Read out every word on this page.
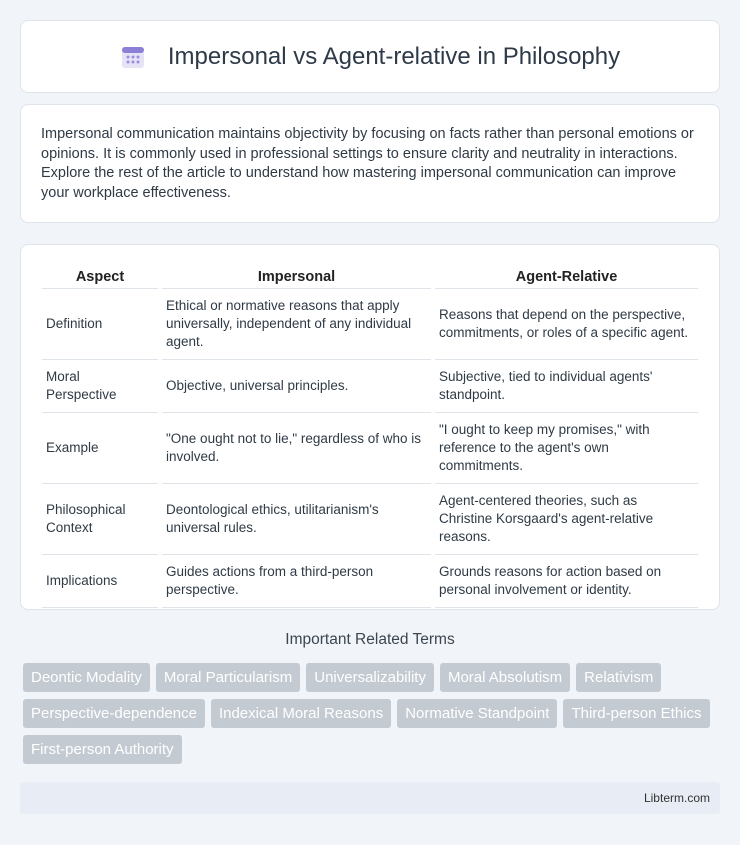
Impersonal vs Agent-relative in Philosophy

Impersonal communication maintains objectivity by focusing on facts rather than personal emotions or opinions. It is commonly used in professional settings to ensure clarity and neutrality in interactions. Explore the rest of the article to understand how mastering impersonal communication can improve your workplace effectiveness.

Aspect	Impersonal	Agent-Relative
Definition	Ethical or normative reasons that apply universally, independent of any individual agent.	Reasons that depend on the perspective, commitments, or roles of a specific agent.
Moral Perspective	Objective, universal principles.	Subjective, tied to individual agents' standpoint.
Example	"One ought not to lie," regardless of who is involved.	"I ought to keep my promises," with reference to the agent's own commitments.
Philosophical Context	Deontological ethics, utilitarianism's universal rules.	Agent-centered theories, such as Christine Korsgaard's agent-relative reasons.
Implications	Guides actions from a third-person perspective.	Grounds reasons for action based on personal involvement or identity.
Important Related Terms
Deontic Modality	Moral Particularism	Universalizability	Moral Absolutism	Relativism
Perspective-dependence	Indexical Moral Reasons	Normative Standpoint	Third-person Ethics
First-person Authority
Libterm.com
